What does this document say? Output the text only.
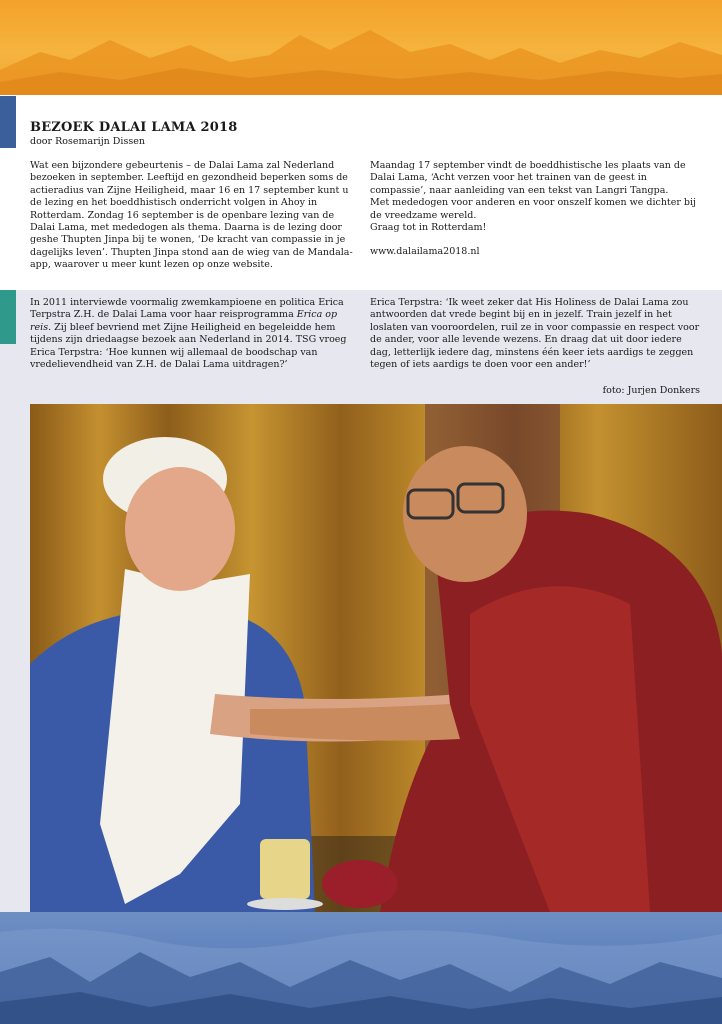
BEZOEK DALAI LAMA 2018
door Rosemarijn Dissen

Wat een bijzondere gebeurtenis – de Dalai Lama zal Nederland bezoeken in september. Leeftijd en gezondheid beperken soms de actieradius van Zijne Heiligheid, maar 16 en 17 september kunt u de lezing en het boeddhistisch onderricht volgen in Ahoy in Rotterdam. Zondag 16 september is de openbare lezing van de Dalai Lama, met mededogen als thema. Daarna is de lezing door geshe Thupten Jinpa bij te wonen, ‘De kracht van compassie in je dagelijks leven’. Thupten Jinpa stond aan de wieg van de Mandala-app, waarover u meer kunt lezen op onze website.

Maandag 17 september vindt de boeddhistische les plaats van de Dalai Lama, ‘Acht verzen voor het trainen van de geest in compassie’, naar aanleiding van een tekst van Langri Tangpa.

Met mededogen voor anderen en voor onszelf komen we dichter bij de vreedzame wereld.

Graag tot in Rotterdam!

www.dalailama2018.nl

In 2011 interviewde voormalig zwemkampioene en politica Erica Terpstra Z.H. de Dalai Lama voor haar reisprogramma Erica op reis. Zij bleef bevriend met Zijne Heiligheid en begeleidde hem tijdens zijn driedaagse bezoek aan Nederland in 2014. TSG vroeg Erica Terpstra: ‘Hoe kunnen wij allemaal de boodschap van vredelievendheid van Z.H. de Dalai Lama uitdragen?’

Erica Terpstra: ‘Ik weet zeker dat His Holiness de Dalai Lama zou antwoorden dat vrede begint bij en in jezelf. Train jezelf in het loslaten van vooroordelen, ruil ze in voor compassie en respect voor de ander, voor alle levende wezens. En draag dat uit door iedere dag, letterlijk iedere dag, minstens één keer iets aardigs te zeggen tegen of iets aardigs te doen voor een ander!’

foto: Jurjen Donkers
